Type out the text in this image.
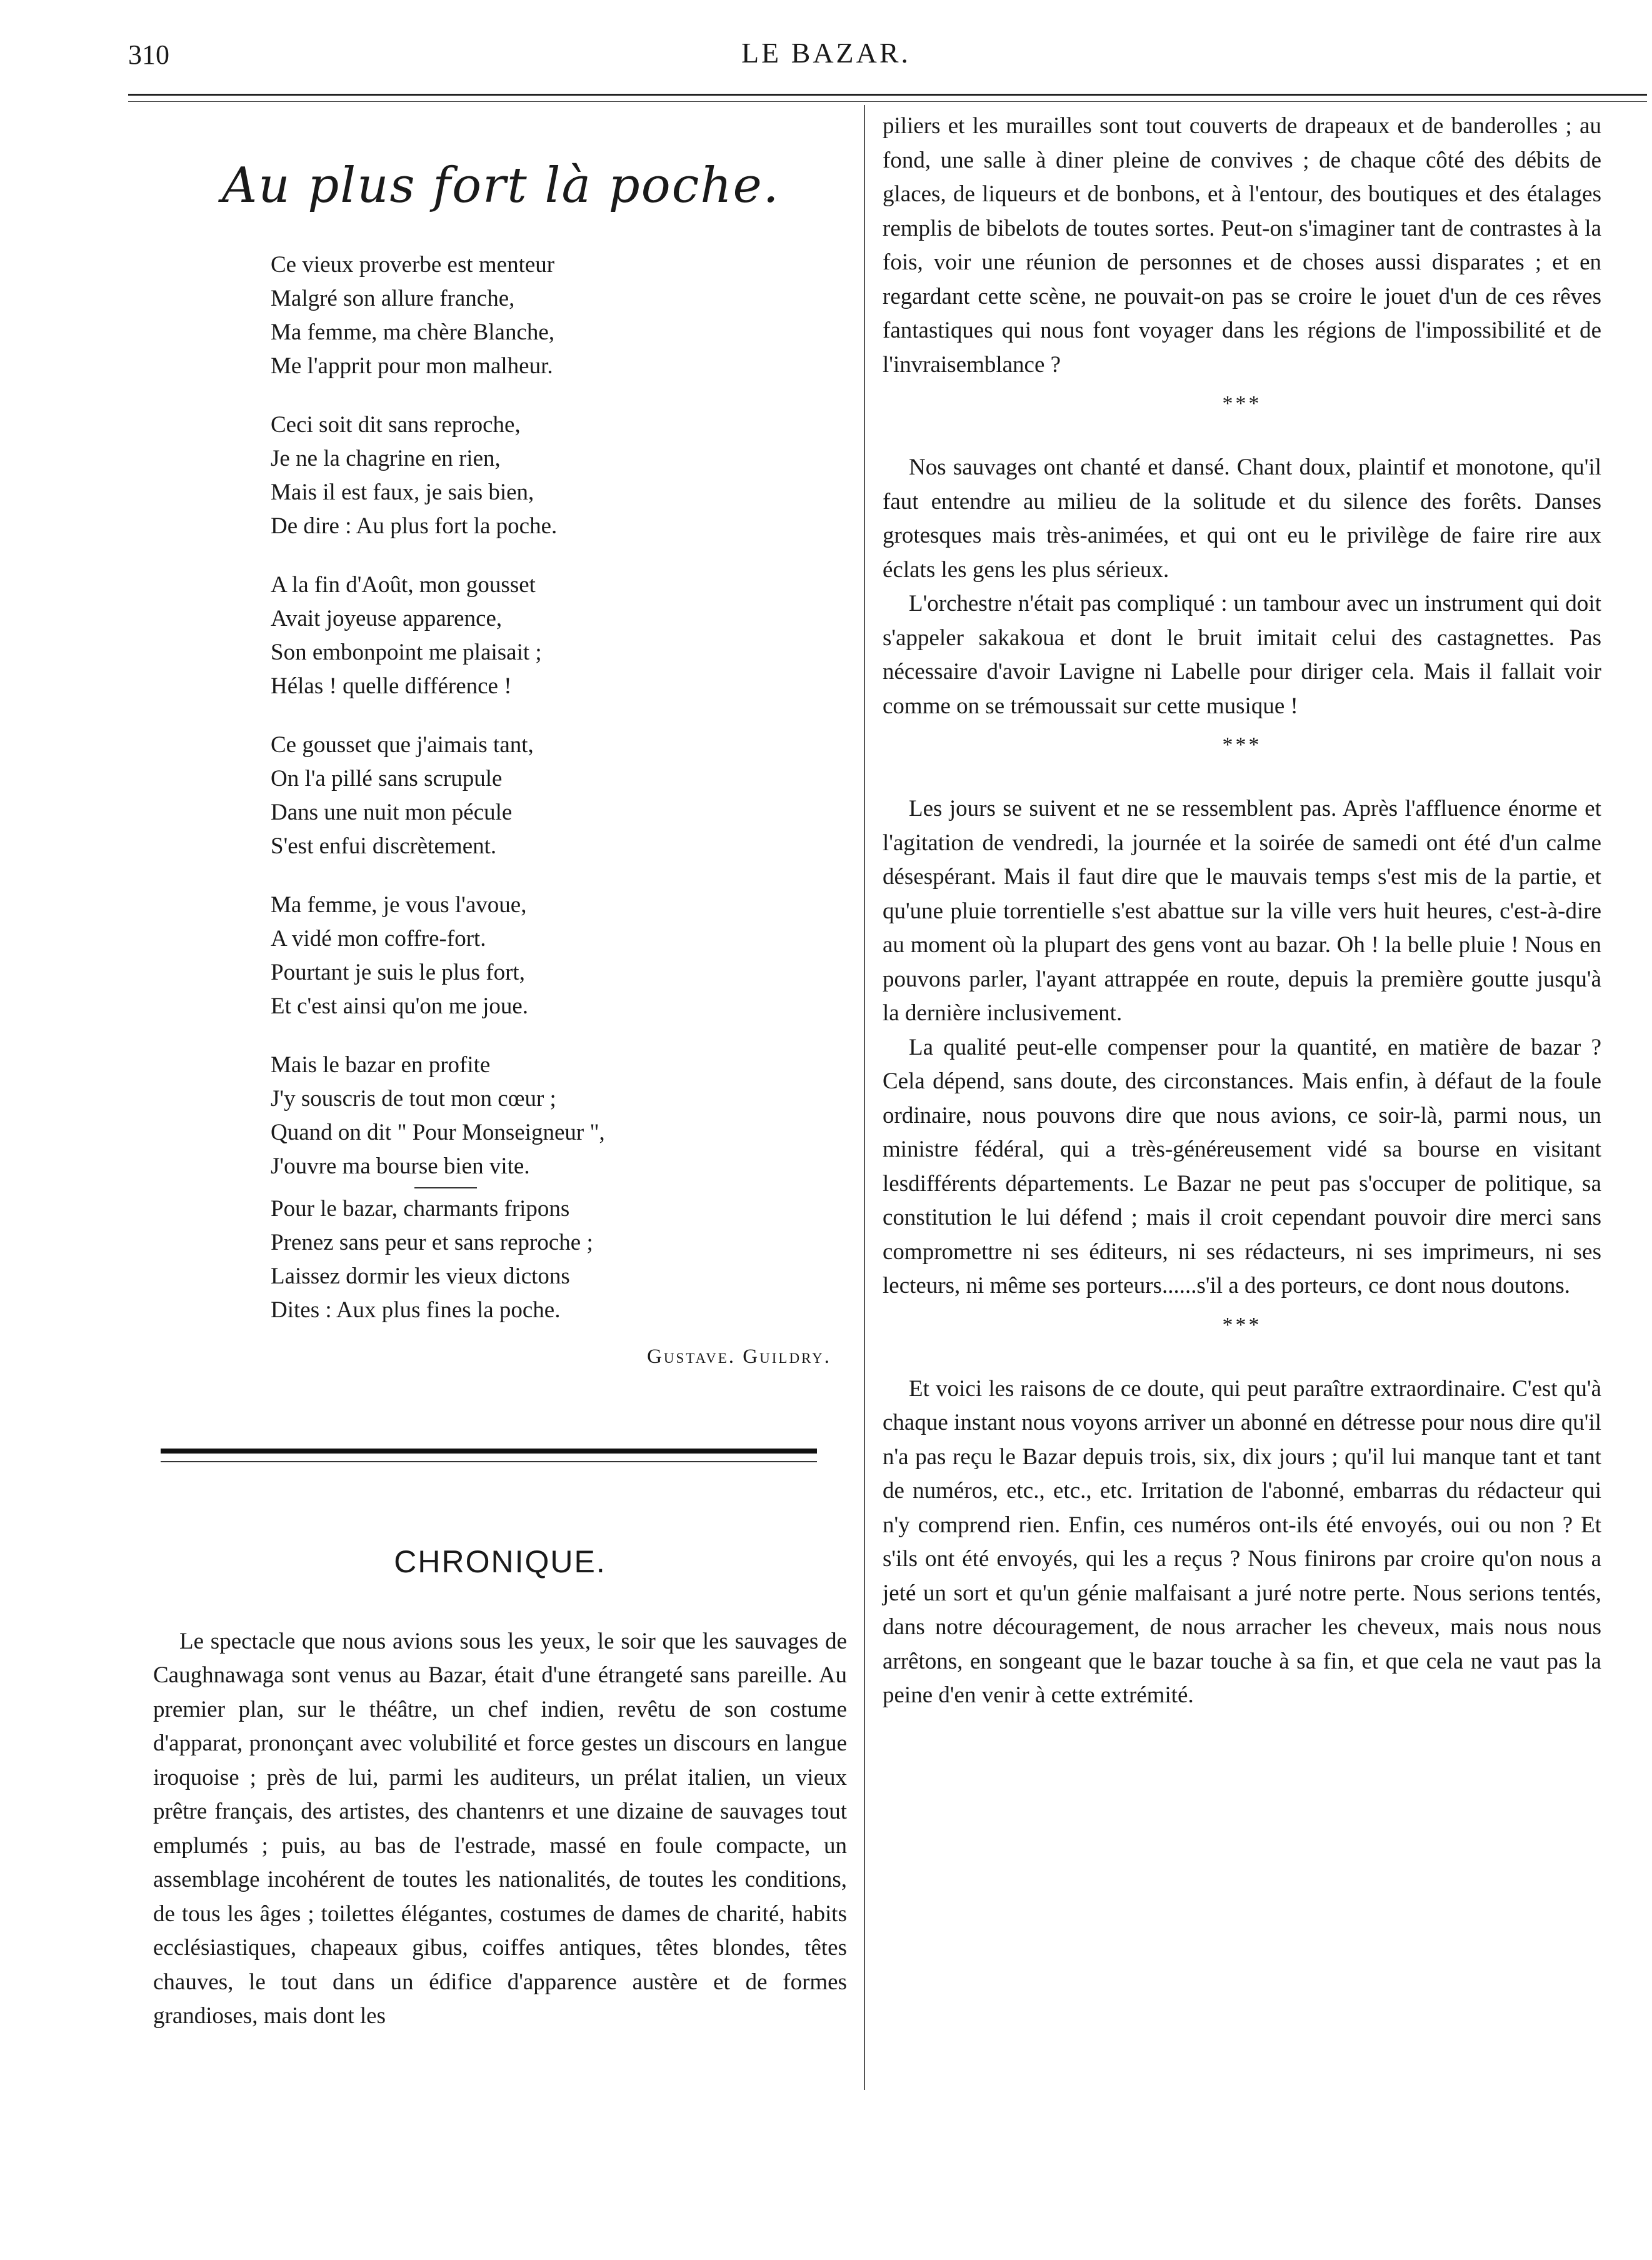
310	LE BAZAR.
Au plus fort là poche.
Ce vieux proverbe est menteur
Malgré son allure franche,
Ma femme, ma chère Blanche,
Me l'apprit pour mon malheur.
Ceci soit dit sans reproche,
Je ne la chagrine en rien,
Mais il est faux, je sais bien,
De dire : Au plus fort la poche.
A la fin d'Août, mon gousset
Avait joyeuse apparence,
Son embonpoint me plaisait ;
Hélas ! quelle différence !
Ce gousset que j'aimais tant,
On l'a pillé sans scrupule
Dans une nuit mon pécule
S'est enfui discrètement.
Ma femme, je vous l'avoue,
A vidé mon coffre-fort.
Pourtant je suis le plus fort,
Et c'est ainsi qu'on me joue.
Mais le bazar en profite
J'y souscris de tout mon cœur ;
Quand on dit " Pour Monseigneur ",
J'ouvre ma bourse bien vite.
Pour le bazar, charmants fripons
Prenez sans peur et sans reproche ;
Laissez dormir les vieux dictons
Dites : Aux plus fines la poche.
Gustave. Guildry.
CHRONIQUE.

Le spectacle que nous avions sous les yeux, le soir que les sauvages de Caughnawaga sont venus au Bazar, était d'une étrangeté sans pareille. Au premier plan, sur le théâtre, un chef indien, revêtu de son costume d'apparat, prononçant avec volubilité et force gestes un discours en langue iroquoise ; près de lui, parmi les auditeurs, un prélat italien, un vieux prêtre français, des artistes, des chantenrs et une dizaine de sauvages tout emplumés ; puis, au bas de l'estrade, massé en foule compacte, un assemblage incohérent de toutes les nationalités, de toutes les conditions, de tous les âges ; toilettes élégantes, costumes de dames de charité, habits ecclésiastiques, chapeaux gibus, coiffes antiques, têtes blondes, têtes chauves, le tout dans un édifice d'apparence austère et de formes grandioses, mais dont les

piliers et les murailles sont tout couverts de drapeaux et de banderolles ; au fond, une salle à diner pleine de convives ; de chaque côté des débits de glaces, de liqueurs et de bonbons, et à l'entour, des boutiques et des étalages remplis de bibelots de toutes sortes. Peut-on s'imaginer tant de contrastes à la fois, voir une réunion de personnes et de choses aussi disparates ; et en regardant cette scène, ne pouvait-on pas se croire le jouet d'un de ces rêves fantastiques qui nous font voyager dans les régions de l'impossibilité et de l'invraisemblance ?

***

Nos sauvages ont chanté et dansé. Chant doux, plaintif et monotone, qu'il faut entendre au milieu de la solitude et du silence des forêts. Danses grotesques mais très-animées, et qui ont eu le privilège de faire rire aux éclats les gens les plus sérieux.

L'orchestre n'était pas compliqué : un tambour avec un instrument qui doit s'appeler sakakoua et dont le bruit imitait celui des castagnettes. Pas nécessaire d'avoir Lavigne ni Labelle pour diriger cela. Mais il fallait voir comme on se trémoussait sur cette musique !

***

Les jours se suivent et ne se ressemblent pas. Après l'affluence énorme et l'agitation de vendredi, la journée et la soirée de samedi ont été d'un calme désespérant. Mais il faut dire que le mauvais temps s'est mis de la partie, et qu'une pluie torrentielle s'est abattue sur la ville vers huit heures, c'est-à-dire au moment où la plupart des gens vont au bazar. Oh ! la belle pluie ! Nous en pouvons parler, l'ayant attrappée en route, depuis la première goutte jusqu'à la dernière inclusivement.

La qualité peut-elle compenser pour la quantité, en matière de bazar ? Cela dépend, sans doute, des circonstances. Mais enfin, à défaut de la foule ordinaire, nous pouvons dire que nous avions, ce soir-là, parmi nous, un ministre fédéral, qui a très-généreusement vidé sa bourse en visitant lesdifférents départements. Le Bazar ne peut pas s'occuper de politique, sa constitution le lui défend ; mais il croit cependant pouvoir dire merci sans compromettre ni ses éditeurs, ni ses rédacteurs, ni ses imprimeurs, ni ses lecteurs, ni même ses porteurs......s'il a des porteurs, ce dont nous doutons.

***

Et voici les raisons de ce doute, qui peut paraître extraordinaire. C'est qu'à chaque instant nous voyons arriver un abonné en détresse pour nous dire qu'il n'a pas reçu le Bazar depuis trois, six, dix jours ; qu'il lui manque tant et tant de numéros, etc., etc., etc. Irritation de l'abonné, embarras du rédacteur qui n'y comprend rien. Enfin, ces numéros ont-ils été envoyés, oui ou non ? Et s'ils ont été envoyés, qui les a reçus ? Nous finirons par croire qu'on nous a jeté un sort et qu'un génie malfaisant a juré notre perte. Nous serions tentés, dans notre découragement, de nous arracher les cheveux, mais nous nous arrêtons, en songeant que le bazar touche à sa fin, et que cela ne vaut pas la peine d'en venir à cette extrémité.
